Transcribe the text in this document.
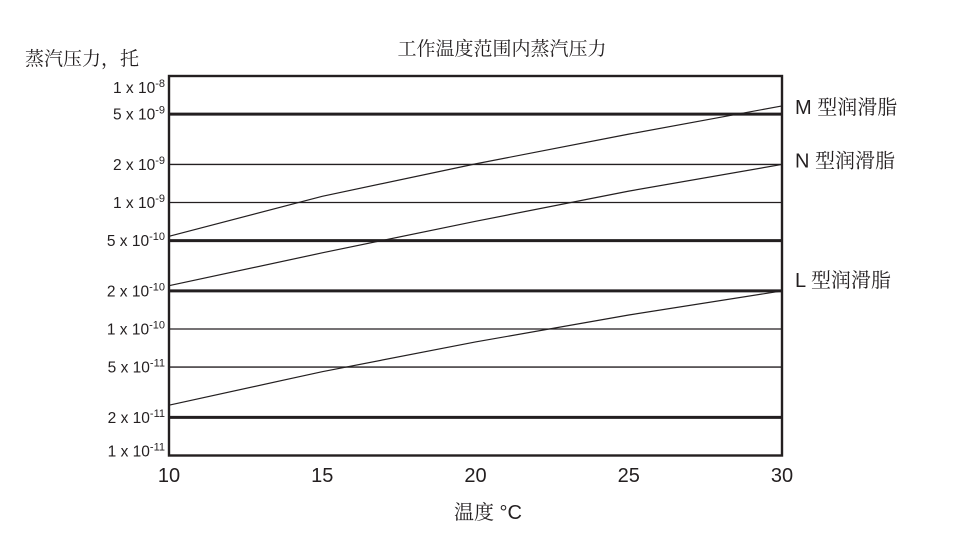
蒸汽压力，托	工作温度范围内蒸汽压力
1 x $10^{-8}$
5 x $10^{-9}$
2 x $10^{-9}$
1 x $10^{-9}$
5 x $10^{-10}$
2 x $10^{-10}$
1 x $10^{-10}$
5 x $10^{-11}$
2 x $10^{-11}$
1 x $10^{-11}$
10	15	20	25	30
M 型润滑脂
N 型润滑脂
L 型润滑脂
温度 °C
